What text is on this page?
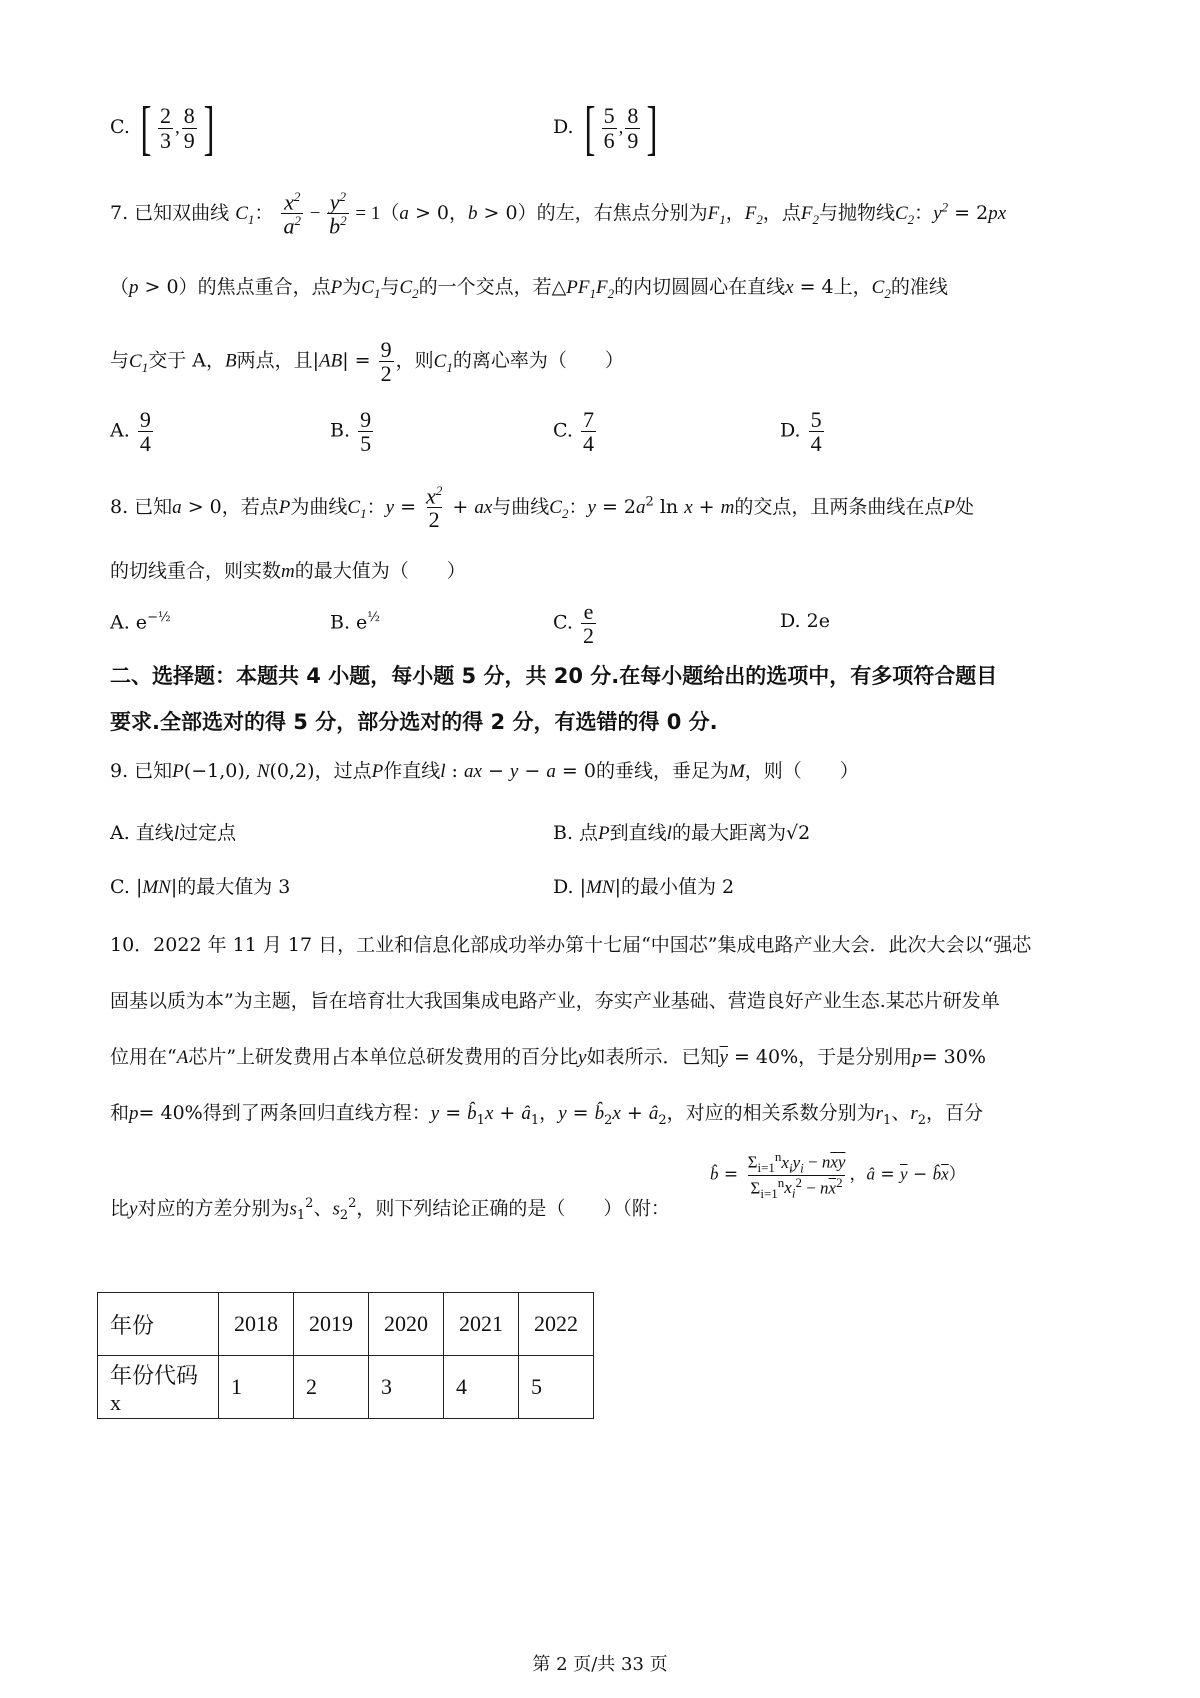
C. [ $\frac{2}{3}$ , $\frac{8}{9}$ ]	D. [ $\frac{5}{6}$ , $\frac{8}{9}$ ]
7. 已知双曲线 $C_1$： $\frac{x^2}{a^2} - \frac{y^2}{b^2} = 1(a > 0$，b > 0）的左，右焦点分别为$F_1$，$F_2$，点$F_2$与抛物线$C_2$：$y^2 = 2px$
（p > 0）的焦点重合，点P为$C_1$与$C_2$的一个交点，若$\triangle PF_1F_2$的内切圆圆心在直线x = 4上，$C_2$的准线
与$C_1$交于 A，B两点，且$|AB| = \frac{9}{2}$ ，则$C_1$的离心率为（　　）
A. $\frac{9}{4}$	B. $\frac{9}{5}$	C. $\frac{7}{4}$	D. $\frac{5}{4}$
8. 已知a > 0，若点P为曲线$C_1$：$y = \frac{x^2}{2}$ + ax与曲线$C_2$：$y = 2a^2$ ln x + m的交点，且两条曲线在点P处
的切线重合，则实数m的最大值为（　　）
A. $e^{-\frac{1}{2}}$	B. $e^{\frac{1}{2}}$	C. $\frac{e}{2}$	D. 2e
二、选择题：本题共 4 小题，每小题 5 分，共 20 分.在每小题给出的选项中，有多项符合题目
要求.全部选对的得 5 分，部分选对的得 2 分，有选错的得 0 分.
9. 已知P(−1,0), N(0,2)，过点P作直线l : ax − y − a = 0的垂线，垂足为M，则（　　）
A. 直线l过定点	B. 点P到直线l的最大距离为√2
C. |MN|的最大值为 3	D. |MN|的最小值为 2
10．2022 年 11 月 17 日，工业和信息化部成功举办第十七届“中国芯”集成电路产业大会．此次大会以“强芯
固基以质为本”为主题，旨在培育壮大我国集成电路产业，夯实产业基础、营造良好产业生态.某芯片研发单
位用在“A芯片”上研发费用占本单位总研发费用的百分比y如表所示．已知$\overline{y} = 40\%$，于是分别用p= 30%
和p= 40%得到了两条回归直线方程：$y = b̂_1x$ + $â_1$，$y = b̂_2x$ + $â_2$，对应的相关系数分别为$r_1$、$r_2$，百分
比y对应的方差分别为$s_1^2$、$s_2^2$，则下列结论正确的是（　　）（附：
b̂ = $\frac{\Sigma_{i=1}^nx_iy_i - n\overline{x}\overline{y}}{\Sigma_{i=1}^nx_i^2 - n\overline{x}^2}$ ，â = $\overline{y}$ − $b̂\overline{x}$）
年份	2018	2019	2020	2021	2022
年份代码 x	1	2	3	4	5
第 2 页/共 33 页
